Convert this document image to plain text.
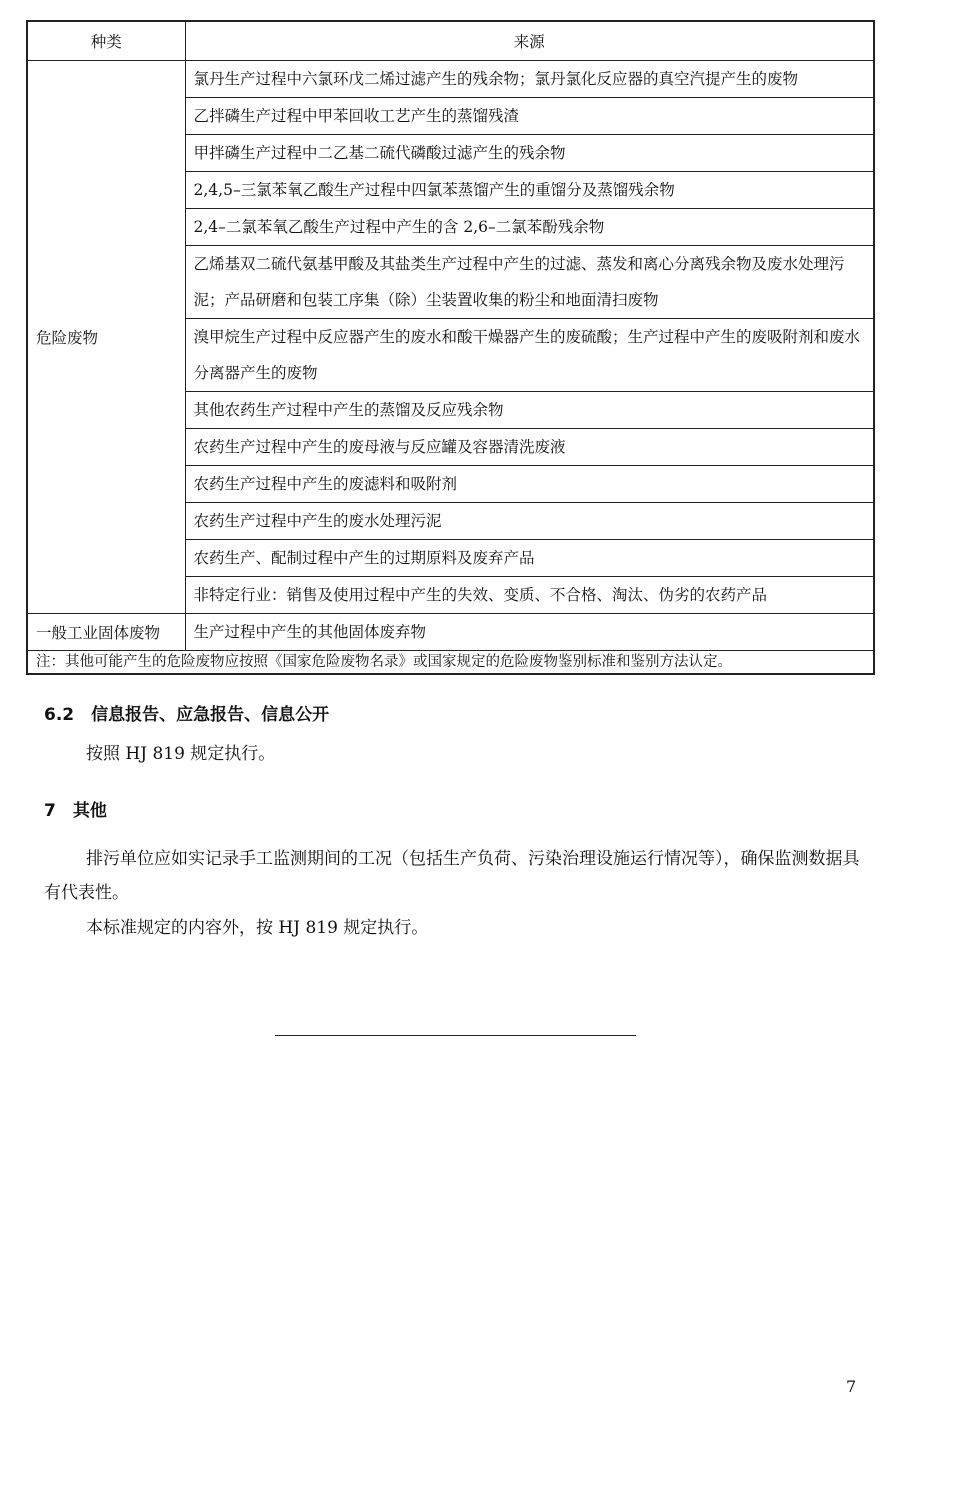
种类	来源
危险废物	氯丹生产过程中六氯环戊二烯过滤产生的残余物；氯丹氯化反应器的真空汽提产生的废物
	乙拌磷生产过程中甲苯回收工艺产生的蒸馏残渣
	甲拌磷生产过程中二乙基二硫代磷酸过滤产生的残余物
	2,4,5–三氯苯氧乙酸生产过程中四氯苯蒸馏产生的重馏分及蒸馏残余物
	2,4–二氯苯氧乙酸生产过程中产生的含 2,6–二氯苯酚残余物
	乙烯基双二硫代氨基甲酸及其盐类生产过程中产生的过滤、蒸发和离心分离残余物及废水处理污泥；产品研磨和包装工序集（除）尘装置收集的粉尘和地面清扫废物
	溴甲烷生产过程中反应器产生的废水和酸干燥器产生的废硫酸；生产过程中产生的废吸附剂和废水分离器产生的废物
	其他农药生产过程中产生的蒸馏及反应残余物
	农药生产过程中产生的废母液与反应罐及容器清洗废液
	农药生产过程中产生的废滤料和吸附剂
	农药生产过程中产生的废水处理污泥
	农药生产、配制过程中产生的过期原料及废弃产品
	非特定行业：销售及使用过程中产生的失效、变质、不合格、淘汰、伪劣的农药产品
一般工业固体废物	生产过程中产生的其他固体废弃物
注：其他可能产生的危险废物应按照《国家危险废物名录》或国家规定的危险废物鉴别标准和鉴别方法认定。	
6.2　信息报告、应急报告、信息公开
按照 HJ 819 规定执行。
7　其他
排污单位应如实记录手工监测期间的工况（包括生产负荷、污染治理设施运行情况等），确保监测数据具有代表性。
本标准规定的内容外，按 HJ 819 规定执行。
7
